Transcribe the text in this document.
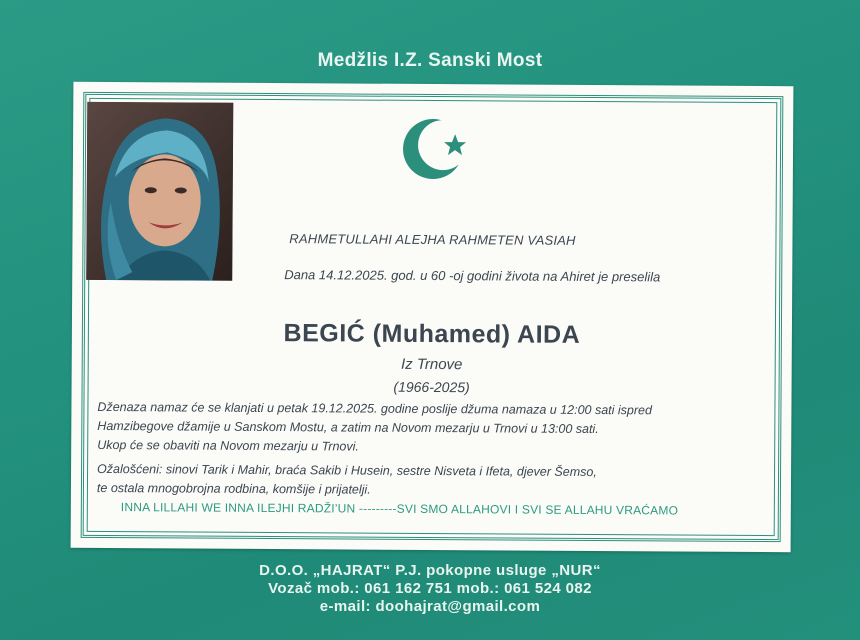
Medžlis I.Z. Sanski Most
RAHMETULLAHI ALEJHA RAHMETEN VASIAH
Dana 14.12.2025. god. u 60 -oj godini života na Ahiret je preselila
BEGIĆ (Muhamed) AIDA
Iz Trnove
(1966-2025)
Dženaza namaz će se klanjati u petak 19.12.2025. godine poslije džuma namaza u 12:00 sati ispred
Hamzibegove džamije u Sanskom Mostu, a zatim na Novom mezarju u Trnovi u 13:00 sati.
Ukop će se obaviti na Novom mezarju u Trnovi.
Ožalošćeni: sinovi Tarik i Mahir, braća Sakib i Husein, sestre Nisveta i Ifeta, djever Šemso,
te ostala mnogobrojna rodbina, komšije i prijatelji.
INNA LILLAHI WE INNA ILEJHI RADŽI’UN ---------SVI SMO ALLAHOVI I SVI SE ALLAHU VRAĆAMO
D.O.O. „HAJRAT“ P.J. pokopne usluge „NUR“
Vozač mob.: 061 162 751 mob.: 061 524 082
e-mail: doohajrat@gmail.com
